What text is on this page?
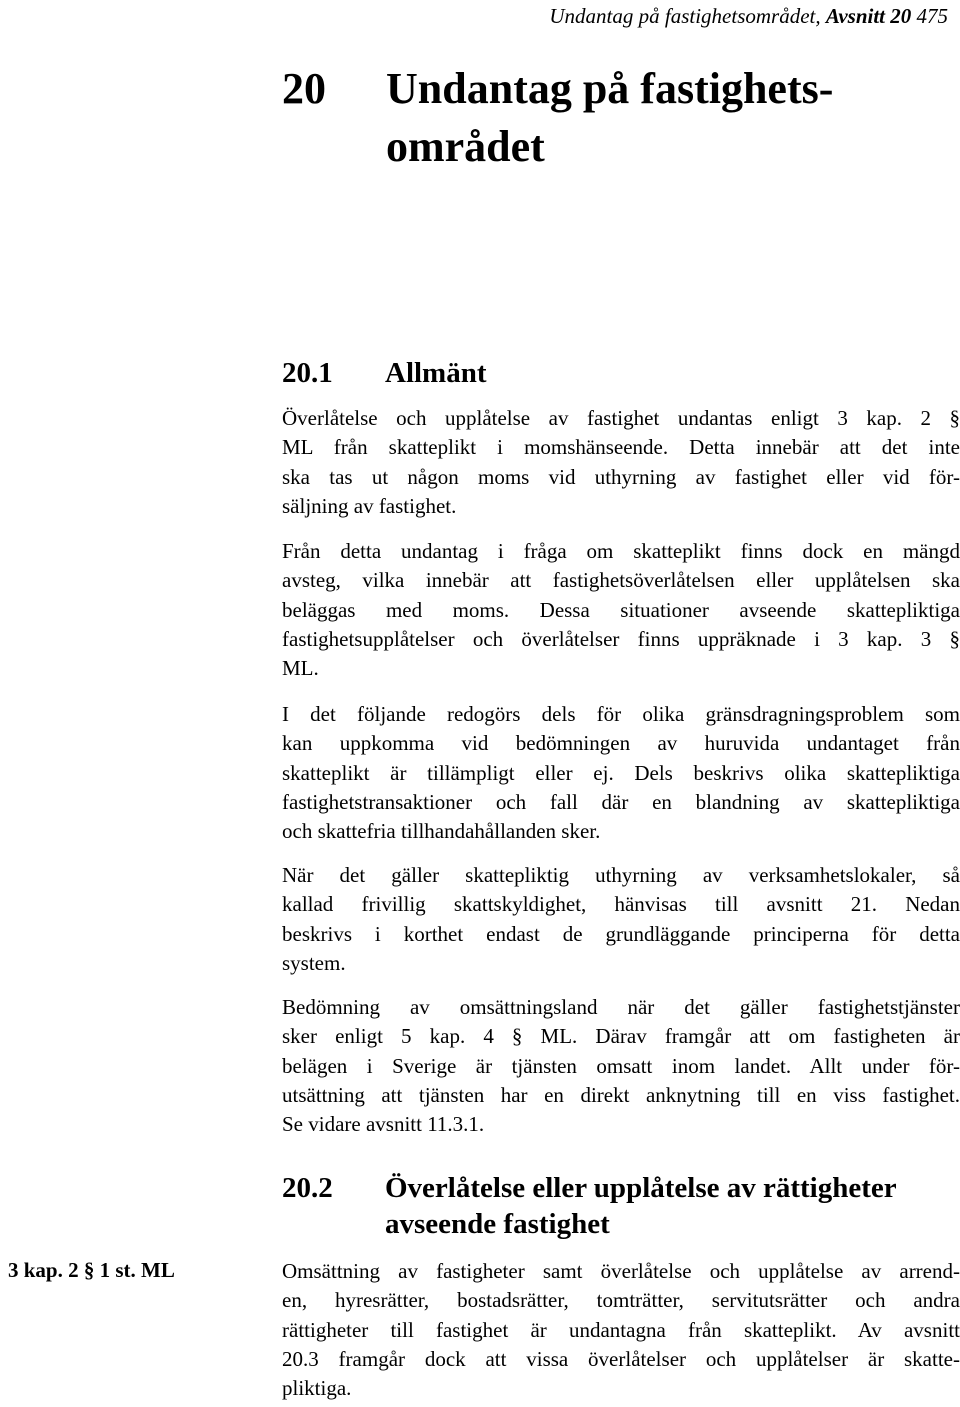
Undantag på fastighetsområdet, Avsnitt 20 475
20 Undantag på fastighets-
området
20.1 Allmänt
Överlåtelse och upplåtelse av fastighet undantas enligt 3 kap. 2 §
ML från skatteplikt i momshänseende. Detta innebär att det inte
ska tas ut någon moms vid uthyrning av fastighet eller vid för-
säljning av fastighet.
Från detta undantag i fråga om skatteplikt finns dock en mängd
avsteg, vilka innebär att fastighetsöverlåtelsen eller upplåtelsen ska
beläggas med moms. Dessa situationer avseende skattepliktiga
fastighetsupplåtelser och överlåtelser finns uppräknade i 3 kap. 3 §
ML.
I det följande redogörs dels för olika gränsdragningsproblem som
kan uppkomma vid bedömningen av huruvida undantaget från
skatteplikt är tillämpligt eller ej. Dels beskrivs olika skattepliktiga
fastighetstransaktioner och fall där en blandning av skattepliktiga
och skattefria tillhandahållanden sker.
När det gäller skattepliktig uthyrning av verksamhetslokaler, så
kallad frivillig skattskyldighet, hänvisas till avsnitt 21. Nedan
beskrivs i korthet endast de grundläggande principerna för detta
system.
Bedömning av omsättningsland när det gäller fastighetstjänster
sker enligt 5 kap. 4 § ML. Därav framgår att om fastigheten är
belägen i Sverige är tjänsten omsatt inom landet. Allt under för-
utsättning att tjänsten har en direkt anknytning till en viss fastighet.
Se vidare avsnitt 11.3.1.
20.2 Överlåtelse eller upplåtelse av rättigheter
avseende fastighet
3 kap. 2 § 1 st. ML	Omsättning av fastigheter samt överlåtelse och upplåtelse av arrend-
en, hyresrätter, bostadsrätter, tomträtter, servitutsrätter och andra
rättigheter till fastighet är undantagna från skatteplikt. Av avsnitt
20.3 framgår dock att vissa överlåtelser och upplåtelser är skatte-
pliktiga.
